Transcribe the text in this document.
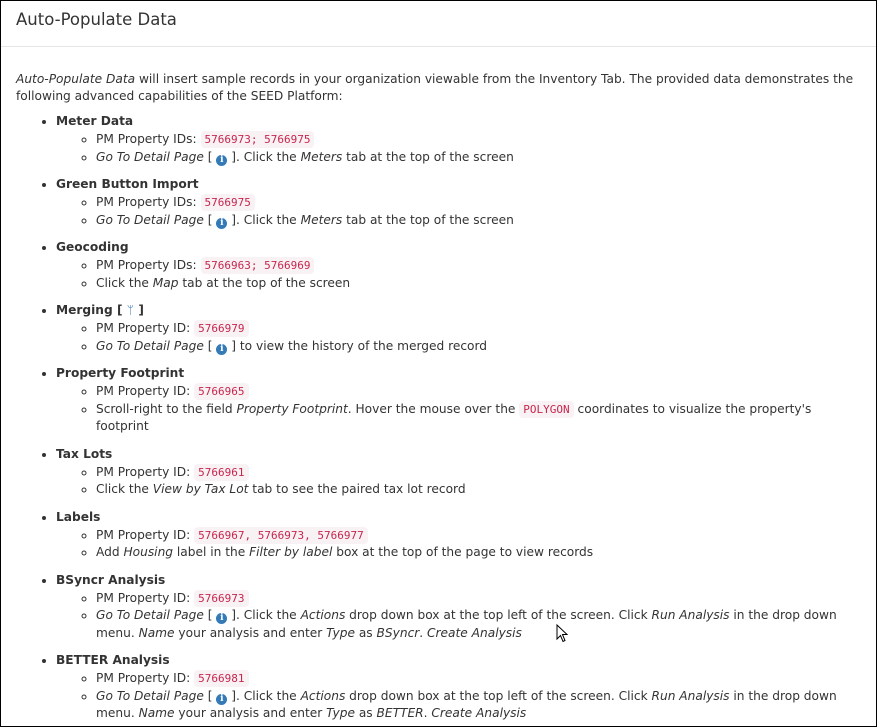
Auto-Populate Data

Auto-Populate Data will insert sample records in your organization viewable from the Inventory Tab. The provided data demonstrates the following advanced capabilities of the SEED Platform:

• Meter Data
◦ PM Property IDs: 5766973; 5766975
◦ Go To Detail Page [ i ]. Click the Meters tab at the top of the screen
• Green Button Import
◦ PM Property IDs: 5766975
◦ Go To Detail Page [ i ]. Click the Meters tab at the top of the screen
• Geocoding
◦ PM Property IDs: 5766963; 5766969
◦ Click the Map tab at the top of the screen
• Merging [ ᛘ ]
◦ PM Property ID: 5766979
◦ Go To Detail Page [ i ] to view the history of the merged record
• Property Footprint
◦ PM Property ID: 5766965
◦ Scroll-right to the field Property Footprint. Hover the mouse over the POLYGON coordinates to visualize the property's footprint
• Tax Lots
◦ PM Property ID: 5766961
◦ Click the View by Tax Lot tab to see the paired tax lot record
• Labels
◦ PM Property ID: 5766967, 5766973, 5766977
◦ Add Housing label in the Filter by label box at the top of the page to view records
• BSyncr Analysis
◦ PM Property ID: 5766973
◦ Go To Detail Page [ i ]. Click the Actions drop down box at the top left of the screen. Click Run Analysis in the drop down menu. Name your analysis and enter Type as BSyncr. Create Analysis
• BETTER Analysis
◦ PM Property ID: 5766981
◦ Go To Detail Page [ i ]. Click the Actions drop down box at the top left of the screen. Click Run Analysis in the drop down menu. Name your analysis and enter Type as BETTER. Create Analysis
